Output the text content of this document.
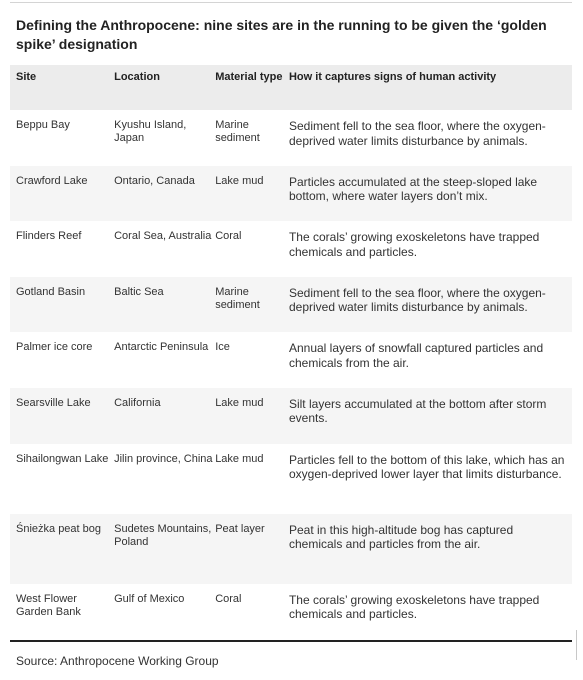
Defining the Anthropocene: nine sites are in the running to be given the ‘golden spike’ designation
Site	Location	Material type	How it captures signs of human activity
Beppu Bay	Kyushu Island, Japan	Marine sediment	Sediment fell to the sea floor, where the oxygen-deprived water limits disturbance by animals.
Crawford Lake	Ontario, Canada	Lake mud	Particles accumulated at the steep-sloped lake bottom, where water layers don’t mix.
Flinders Reef	Coral Sea, Australia	Coral	The corals’ growing exoskeletons have trapped chemicals and particles.
Gotland Basin	Baltic Sea	Marine sediment	Sediment fell to the sea floor, where the oxygen-deprived water limits disturbance by animals.
Palmer ice core	Antarctic Peninsula	Ice	Annual layers of snowfall captured particles and chemicals from the air.
Searsville Lake	California	Lake mud	Silt layers accumulated at the bottom after storm events.
Sihailongwan Lake	Jilin province, China	Lake mud	Particles fell to the bottom of this lake, which has an oxygen-deprived lower layer that limits disturbance.
Śnieżka peat bog	Sudetes Mountains, Poland	Peat layer	Peat in this high-altitude bog has captured chemicals and particles from the air.
West Flower Garden Bank	Gulf of Mexico	Coral	The corals’ growing exoskeletons have trapped chemicals and particles.
Source: Anthropocene Working Group
